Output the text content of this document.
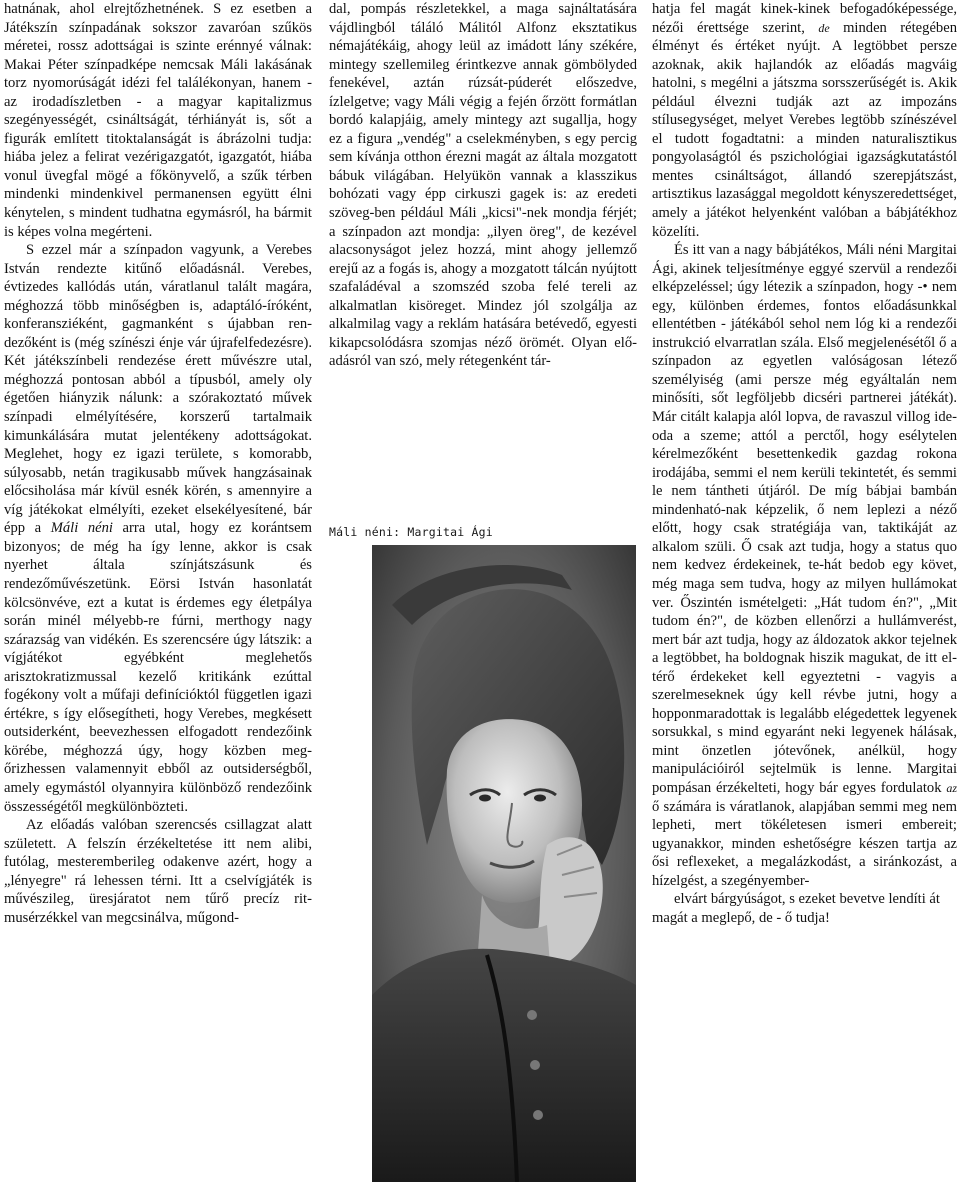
hatnának, ahol elrejtőzhetnének. S ez esetben a Játékszín színpadának sokszor zavaróan szűkös méretei, rossz adottságai is szinte erénnyé válnak: Makai Péter színpadképe nemcsak Máli lakásának torz nyomorúságát idézi fel találékonyan, hanem - az irodadíszletben - a magyar kapitalizmus szegényességét, csináltságát, térhiányát is, sőt a figurák említett titoktalanságát is ábrázolni tudja: hiába jelez a felirat vezérigazgatót, igazgatót, hiába vonul üvegfal mögé a főkönyvelő, a szűk térben mindenki mindenkivel permanensen együtt élni kénytelen, s mindent tudhatna egymásról, ha bármit is képes volna megérteni.

S ezzel már a színpadon vagyunk, a Verebes István rendezte kitűnő előadásnál. Verebes, évtizedes kallódás után, váratlanul talált magára, méghozzá több minőségben is, adaptáló-íróként, konferansziéként, gagmanként s újabban rendezőként is (még színészi énje vár újrafelfedezésre). Két játékszínbeli rendezése érett művészre utal, méghozzá pontosan abból a típusból, amely oly égetően hiányzik nálunk: a szórakoztató művek színpadi elmélyítésére, korszerű tartalmaik kimunkálására mutat jelentékeny adottságokat. Meglehet, hogy ez igazi területe, s komorabb, súlyosabb, netán tragikusabb művek hangzásainak előcsiholása már kívül esnék körén, s amennyire a víg játékokat elmélyíti, ezeket elsekélyesítené, bár épp a Máli néni arra utal, hogy ez korántsem bizonyos; de még ha így lenne, akkor is csak nyerhet általa színjátszásunk és rendezőművészetünk. Eörsi István hasonlatát kölcsönvéve, ezt a kutat is érdemes egy életpálya során minél mélyebb-re fúrni, merthogy nagy szárazság van vidékén. Es szerencsére úgy látszik: a vígjátékot egyébként meglehetős arisztokratizmussal kezelő kritikánk ezúttal fogékony volt a műfaji definícióktól független igazi értékre, s így elősegítheti, hogy Verebes, megkésett outsiderként, beevezhessen elfogadott rendezőink körébe, méghozzá úgy, hogy közben meg-őrizhessen valamennyit ebből az outsiderségből, amely egymástól olyannyira különböző rendezőink összességétől megkülönbözteti.

Az előadás valóban szerencsés csillagzat alatt született. A felszín érzékeltetése itt nem alibi, futólag, mesteremberileg odakenve azért, hogy a „lényegre" rá lehessen térni. Itt a cselvígjáték is művészileg, üresjáratot nem tűrő precíz ritmusérzékkel van megcsinálva, műgond-

dal, pompás részletekkel, a maga sajnáltatására vájdlingból táláló Málitól Alfonz eksztatikus némajátékáig, ahogy leül az imádott lány székére, mintegy szellemileg érintkezve annak gömbölyded fenekével, aztán rúzsát-púderét előszedve, ízlelgetve; vagy Máli végig a fején őrzött formátlan bordó kalapjáig, amely mintegy azt sugallja, hogy ez a figura „vendég" a cselekményben, s egy percig sem kívánja otthon érezni magát az általa mozgatott bábuk világában. Helyükön vannak a klasszikus bohózati vagy épp cirkuszi gagek is: az eredeti szöveg-ben például Máli „kicsi"-nek mondja férjét; a színpadon azt mondja: „ilyen öreg", de kezével alacsonyságot jelez hozzá, mint ahogy jellemző erejű az a fogás is, ahogy a mozgatott tálcán nyújtott szafaládéval a szomszéd szoba felé tereli az alkalmatlan kisöreget. Mindez jól szolgálja az alkalmilag vagy a reklám hatására betévedő, egyesti kikapcsolódásra szomjas néző örömét. Olyan elő-adásról van szó, mely rétegenként tár-

Máli néni: Margitai Ági

hatja fel magát kinek-kinek befogadóképessége, nézői érettsége szerint, de minden rétegében élményt és értéket nyújt. A legtöbbet persze azoknak, akik hajlandók az előadás magváig hatolni, s megélni a játszma sorsszerűségét is. Akik például élvezni tudják azt az impozáns stílusegységet, melyet Verebes legtöbb színészével el tudott fogadtatni: a minden naturalisztikus pongyolaságtól és pszichológiai igazságkutatástól mentes csináltságot, állandó szerepjátszást, artisztikus lazasággal megoldott kényszeredettséget, amely a játékot helyenként valóban a bábjátékhoz közelíti.

És itt van a nagy bábjátékos, Máli néni Margitai Ági, akinek teljesítménye eggyé szervül a rendezői elképzeléssel; úgy létezik a színpadon, hogy -• nem egy, különben érdemes, fontos előadásunkkal ellentétben - játékából sehol nem lóg ki a rendezői instrukció elvarratlan szála. Első megjelenésétől ő a színpadon az egyetlen valóságosan létező személyiség (ami persze még egyáltalán nem minősíti, sőt legföljebb dicséri partnerei játékát). Már citált kalapja alól lopva, de ravaszul villog ide-oda a szeme; attól a perctől, hogy esélytelen kérelmezőként besettenkedik gazdag rokona irodájába, semmi el nem kerüli tekintetét, és semmi le nem tántheti útjáról. De míg bábjai bambán mindenható-nak képzelik, ő nem leplezi a néző előtt, hogy csak stratégiája van, taktikáját az alkalom szüli. Ő csak azt tudja, hogy a status quo nem kedvez érdekeinek, te-hát bedob egy követ, még maga sem tudva, hogy az milyen hullámokat ver. Őszintén ismételgeti: „Hát tudom én?", „Mit tudom én?", de közben ellenőrzi a hullámverést, mert bár azt tudja, hogy az áldozatok akkor tejelnek a legtöbbet, ha boldognak hiszik magukat, de itt el-térő érdekeket kell egyeztetni - vagyis a szerelmeseknek úgy kell révbe jutni, hogy a hopponmaradottak is legalább elégedettek legyenek sorsukkal, s mind egyaránt neki legyenek hálásak, mint önzetlen jótevőnek, anélkül, hogy manipulációiról sejtelmük is lenne. Margitai pompásan érzékelteti, hogy bár egyes fordulatok az ő számára is váratlanok, alapjában semmi meg nem lepheti, mert tökéletesen ismeri embereit; ugyanakkor, minden eshetőségre készen tartja az ősi reflexeket, a megalázkodást, a siránkozást, a hízelgést, a szegényember-

elvárt bárgyúságot, s ezeket bevetve lendíti át magát a meglepő, de - ő tudja!
